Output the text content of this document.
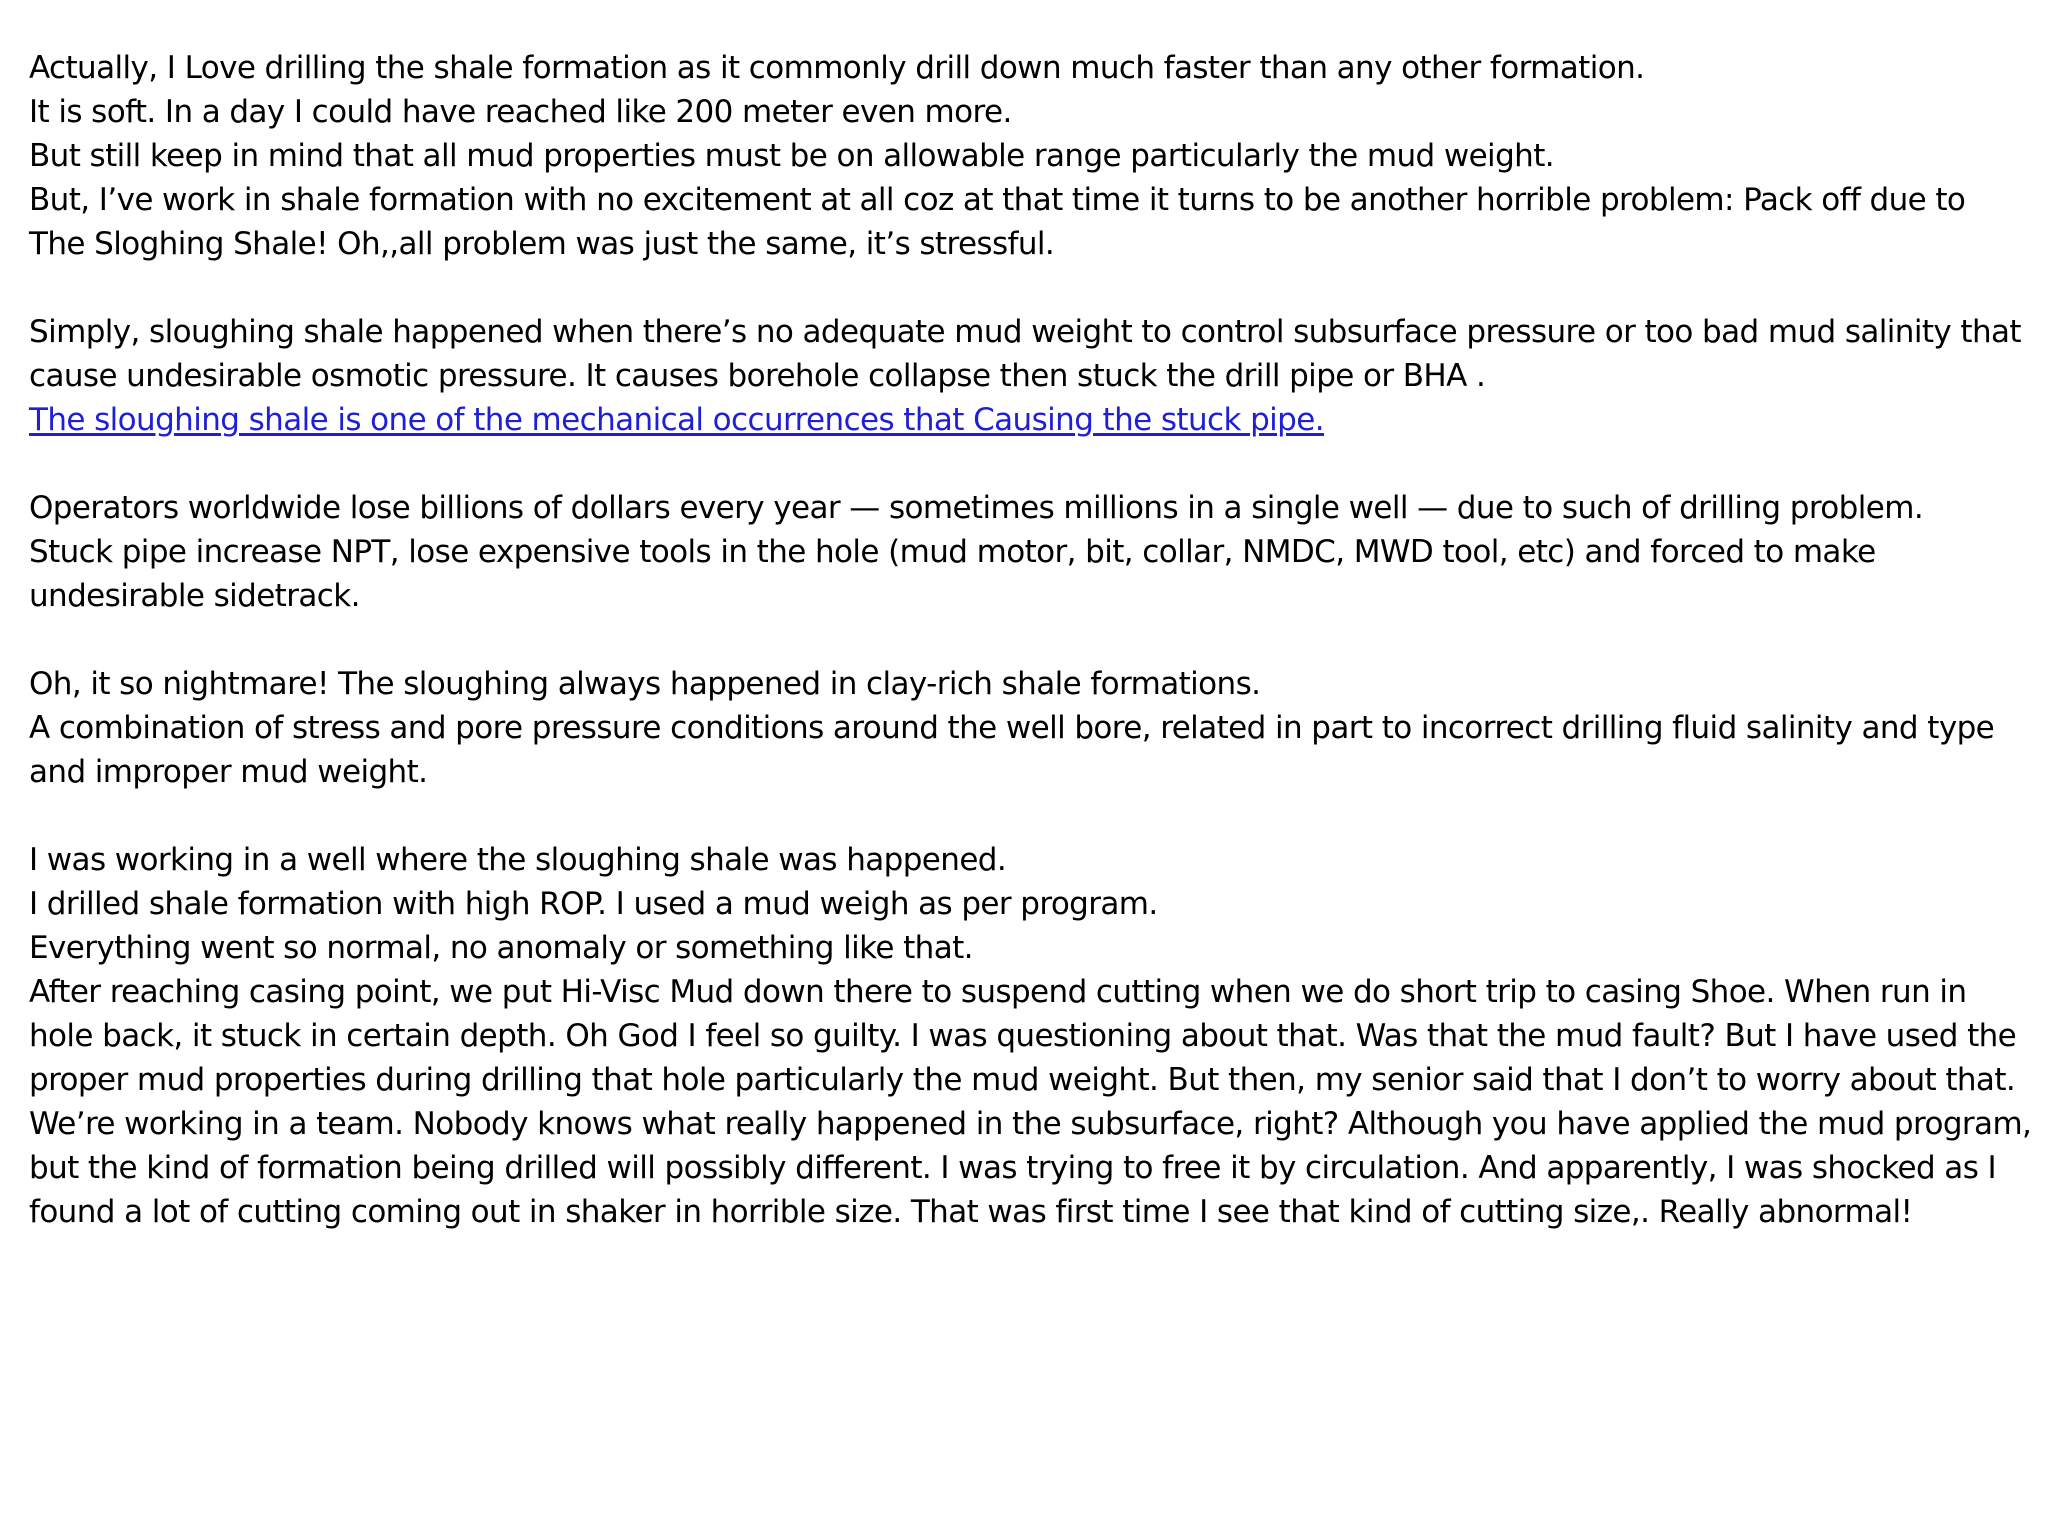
Actually, I Love drilling the shale formation as it commonly drill down much faster than any other formation.
It is soft. In a day I could have reached like 200 meter even more.
But still keep in mind that all mud properties must be on allowable range particularly the mud weight.
But, I’ve work in shale formation with no excitement at all coz at that time it turns to be another horrible problem: Pack off due to
The Sloghing Shale! Oh,,all problem was just the same, it’s stressful.
Simply, sloughing shale happened when there’s no adequate mud weight to control subsurface pressure or too bad mud salinity that
cause undesirable osmotic pressure. It causes borehole collapse then stuck the drill pipe or BHA .
The sloughing shale is one of the mechanical occurrences that Causing the stuck pipe.
Operators worldwide lose billions of dollars every year — sometimes millions in a single well — due to such of drilling problem.
Stuck pipe increase NPT, lose expensive tools in the hole (mud motor, bit, collar, NMDC, MWD tool, etc) and forced to make
undesirable sidetrack.
Oh, it so nightmare! The sloughing always happened in clay-rich shale formations.
A combination of stress and pore pressure conditions around the well bore, related in part to incorrect drilling fluid salinity and type
and improper mud weight.
I was working in a well where the sloughing shale was happened.
I drilled shale formation with high ROP. I used a mud weigh as per program.
Everything went so normal, no anomaly or something like that.
After reaching casing point, we put Hi-Visc Mud down there to suspend cutting when we do short trip to casing Shoe. When run in
hole back, it stuck in certain depth. Oh God I feel so guilty. I was questioning about that. Was that the mud fault? But I have used the
proper mud properties during drilling that hole particularly the mud weight. But then, my senior said that I don’t to worry about that.
We’re working in a team. Nobody knows what really happened in the subsurface, right? Although you have applied the mud program,
but the kind of formation being drilled will possibly different. I was trying to free it by circulation. And apparently, I was shocked as I
found a lot of cutting coming out in shaker in horrible size. That was first time I see that kind of cutting size,. Really abnormal!
